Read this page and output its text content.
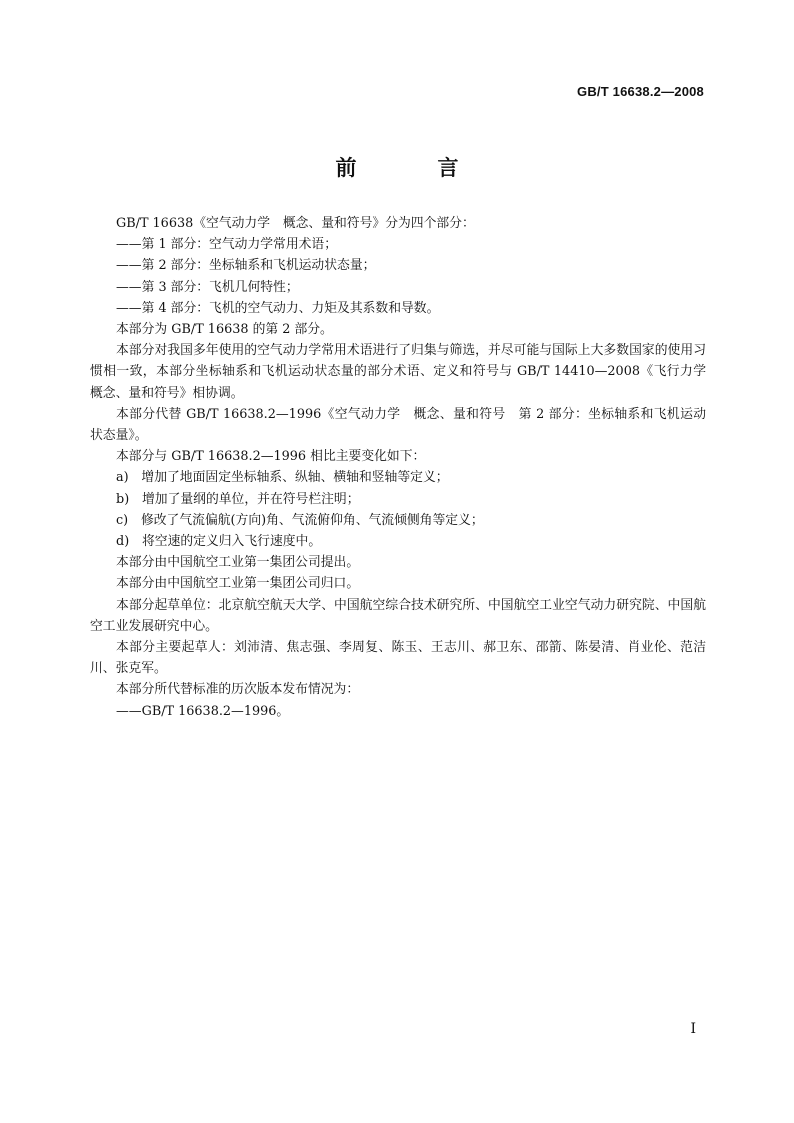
GB/T 16638.2—2008
前　言

GB/T 16638《空气动力学　概念、量和符号》分为四个部分：

——第 1 部分：空气动力学常用术语；

——第 2 部分：坐标轴系和飞机运动状态量；

——第 3 部分：飞机几何特性；

——第 4 部分：飞机的空气动力、力矩及其系数和导数。

本部分为 GB/T 16638 的第 2 部分。

本部分对我国多年使用的空气动力学常用术语进行了归集与筛选，并尽可能与国际上大多数国家的使用习惯相一致，本部分坐标轴系和飞机运动状态量的部分术语、定义和符号与 GB/T 14410—2008《飞行力学　概念、量和符号》相协调。

本部分代替 GB/T 16638.2—1996《空气动力学　概念、量和符号　第 2 部分：坐标轴系和飞机运动状态量》。

本部分与 GB/T 16638.2—1996 相比主要变化如下：

a)　增加了地面固定坐标轴系、纵轴、横轴和竖轴等定义；

b)　增加了量纲的单位，并在符号栏注明；

c)　修改了气流偏航(方向)角、气流俯仰角、气流倾侧角等定义；

d)　将空速的定义归入飞行速度中。

本部分由中国航空工业第一集团公司提出。

本部分由中国航空工业第一集团公司归口。

本部分起草单位：北京航空航天大学、中国航空综合技术研究所、中国航空工业空气动力研究院、中国航空工业发展研究中心。

本部分主要起草人：刘沛清、焦志强、李周复、陈玉、王志川、郝卫东、邵箭、陈晏清、肖业伦、范洁川、张克军。

本部分所代替标准的历次版本发布情况为：

——GB/T 16638.2—1996。

I
